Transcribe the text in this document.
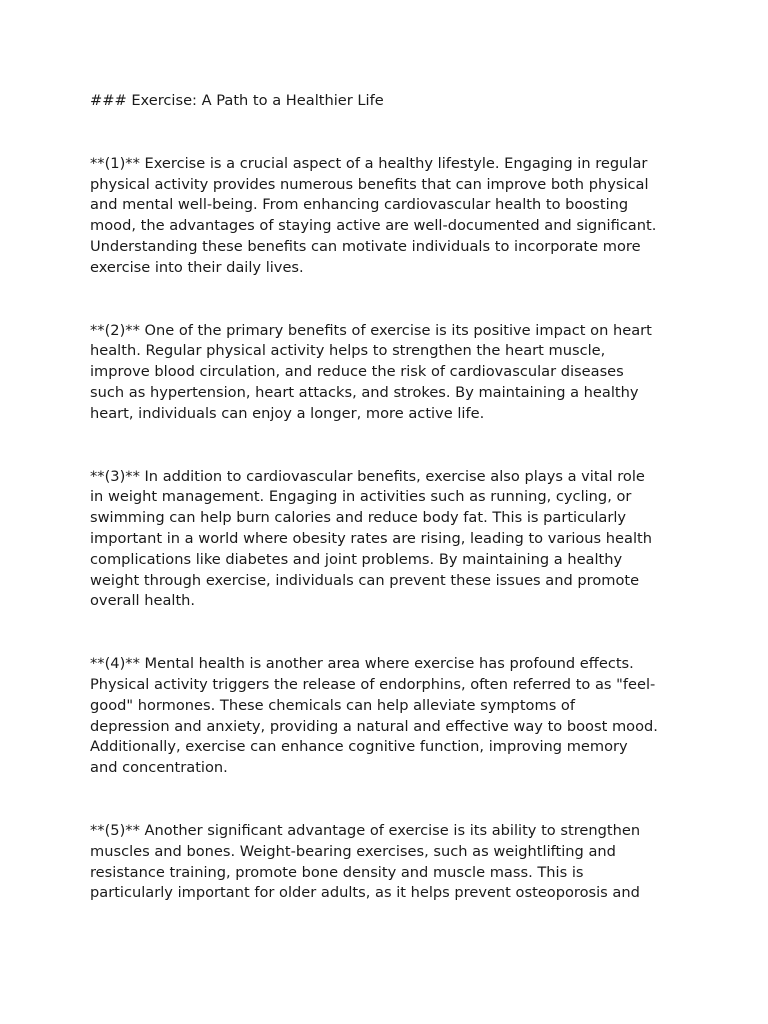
### Exercise: A Path to a Healthier Life

**(1)** Exercise is a crucial aspect of a healthy lifestyle. Engaging in regular
physical activity provides numerous benefits that can improve both physical
and mental well-being. From enhancing cardiovascular health to boosting
mood, the advantages of staying active are well-documented and significant.
Understanding these benefits can motivate individuals to incorporate more
exercise into their daily lives.

**(2)** One of the primary benefits of exercise is its positive impact on heart
health. Regular physical activity helps to strengthen the heart muscle,
improve blood circulation, and reduce the risk of cardiovascular diseases
such as hypertension, heart attacks, and strokes. By maintaining a healthy
heart, individuals can enjoy a longer, more active life.

**(3)** In addition to cardiovascular benefits, exercise also plays a vital role
in weight management. Engaging in activities such as running, cycling, or
swimming can help burn calories and reduce body fat. This is particularly
important in a world where obesity rates are rising, leading to various health
complications like diabetes and joint problems. By maintaining a healthy
weight through exercise, individuals can prevent these issues and promote
overall health.

**(4)** Mental health is another area where exercise has profound effects.
Physical activity triggers the release of endorphins, often referred to as "feel-
good" hormones. These chemicals can help alleviate symptoms of
depression and anxiety, providing a natural and effective way to boost mood.
Additionally, exercise can enhance cognitive function, improving memory
and concentration.

**(5)** Another significant advantage of exercise is its ability to strengthen
muscles and bones. Weight-bearing exercises, such as weightlifting and
resistance training, promote bone density and muscle mass. This is
particularly important for older adults, as it helps prevent osteoporosis and
